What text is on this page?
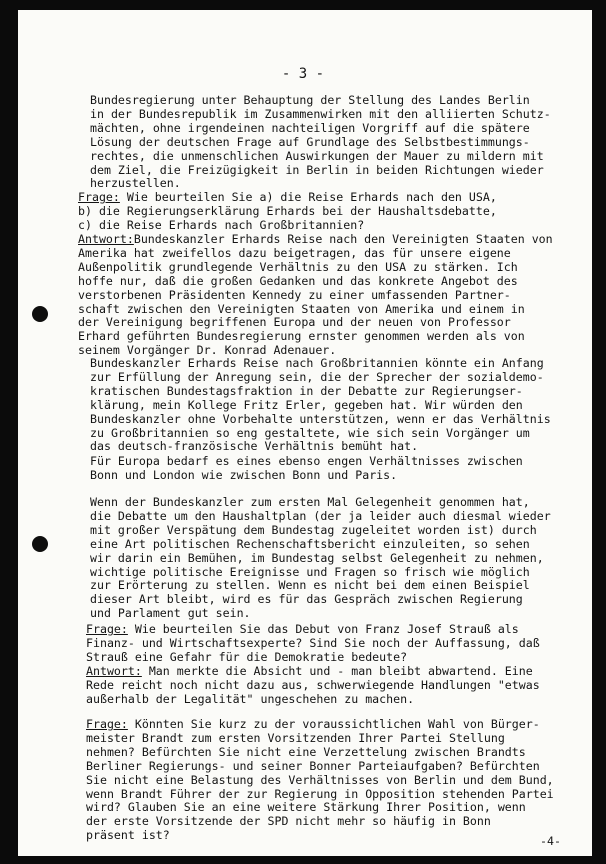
- 3 -
Bundesregierung unter Behauptung der Stellung des Landes Berlin
in der Bundesrepublik im Zusammenwirken mit den alliierten Schutz-
mächten, ohne irgendeinen nachteiligen Vorgriff auf die spätere
Lösung der deutschen Frage auf Grundlage des Selbstbestimmungs-
rechtes, die unmenschlichen Auswirkungen der Mauer zu mildern mit
dem Ziel, die Freizügigkeit in Berlin in beiden Richtungen wieder
herzustellen.
Frage: Wie beurteilen Sie a) die Reise Erhards nach den USA,
b) die Regierungserklärung Erhards bei der Haushaltsdebatte,
c) die Reise Erhards nach Großbritannien?
Antwort:Bundeskanzler Erhards Reise nach den Vereinigten Staaten von
Amerika hat zweifellos dazu beigetragen, das für unsere eigene
Außenpolitik grundlegende Verhältnis zu den USA zu stärken. Ich
hoffe nur, daß die großen Gedanken und das konkrete Angebot des
verstorbenen Präsidenten Kennedy zu einer umfassenden Partner-
schaft zwischen den Vereinigten Staaten von Amerika und einem in
der Vereinigung begriffenen Europa und der neuen von Professor
Erhard geführten Bundesregierung ernster genommen werden als von
seinem Vorgänger Dr. Konrad Adenauer.
Bundeskanzler Erhards Reise nach Großbritannien könnte ein Anfang
zur Erfüllung der Anregung sein, die der Sprecher der sozialdemo-
kratischen Bundestagsfraktion in der Debatte zur Regierungser-
klärung, mein Kollege Fritz Erler, gegeben hat. Wir würden den
Bundeskanzler ohne Vorbehalte unterstützen, wenn er das Verhältnis
zu Großbritannien so eng gestaltete, wie sich sein Vorgänger um
das deutsch-französische Verhältnis bemüht hat.
Für Europa bedarf es eines ebenso engen Verhältnisses zwischen
Bonn und London wie zwischen Bonn und Paris.
Wenn der Bundeskanzler zum ersten Mal Gelegenheit genommen hat,
die Debatte um den Haushaltplan (der ja leider auch diesmal wieder
mit großer Verspätung dem Bundestag zugeleitet worden ist) durch
eine Art politischen Rechenschaftsbericht einzuleiten, so sehen
wir darin ein Bemühen, im Bundestag selbst Gelegenheit zu nehmen,
wichtige politische Ereignisse und Fragen so frisch wie möglich
zur Erörterung zu stellen. Wenn es nicht bei dem einen Beispiel
dieser Art bleibt, wird es für das Gespräch zwischen Regierung
und Parlament gut sein.
Frage: Wie beurteilen Sie das Debut von Franz Josef Strauß als
Finanz- und Wirtschaftsexperte? Sind Sie noch der Auffassung, daß
Strauß eine Gefahr für die Demokratie bedeute?
Antwort: Man merkte die Absicht und - man bleibt abwartend. Eine
Rede reicht noch nicht dazu aus, schwerwiegende Handlungen "etwas
außerhalb der Legalität" ungeschehen zu machen.
Frage: Könnten Sie kurz zu der voraussichtlichen Wahl von Bürger-
meister Brandt zum ersten Vorsitzenden Ihrer Partei Stellung
nehmen? Befürchten Sie nicht eine Verzettelung zwischen Brandts
Berliner Regierungs- und seiner Bonner Parteiaufgaben? Befürchten
Sie nicht eine Belastung des Verhältnisses von Berlin und dem Bund,
wenn Brandt Führer der zur Regierung in Opposition stehenden Partei
wird? Glauben Sie an eine weitere Stärkung Ihrer Position, wenn
der erste Vorsitzende der SPD nicht mehr so häufig in Bonn
präsent ist?	-4-
